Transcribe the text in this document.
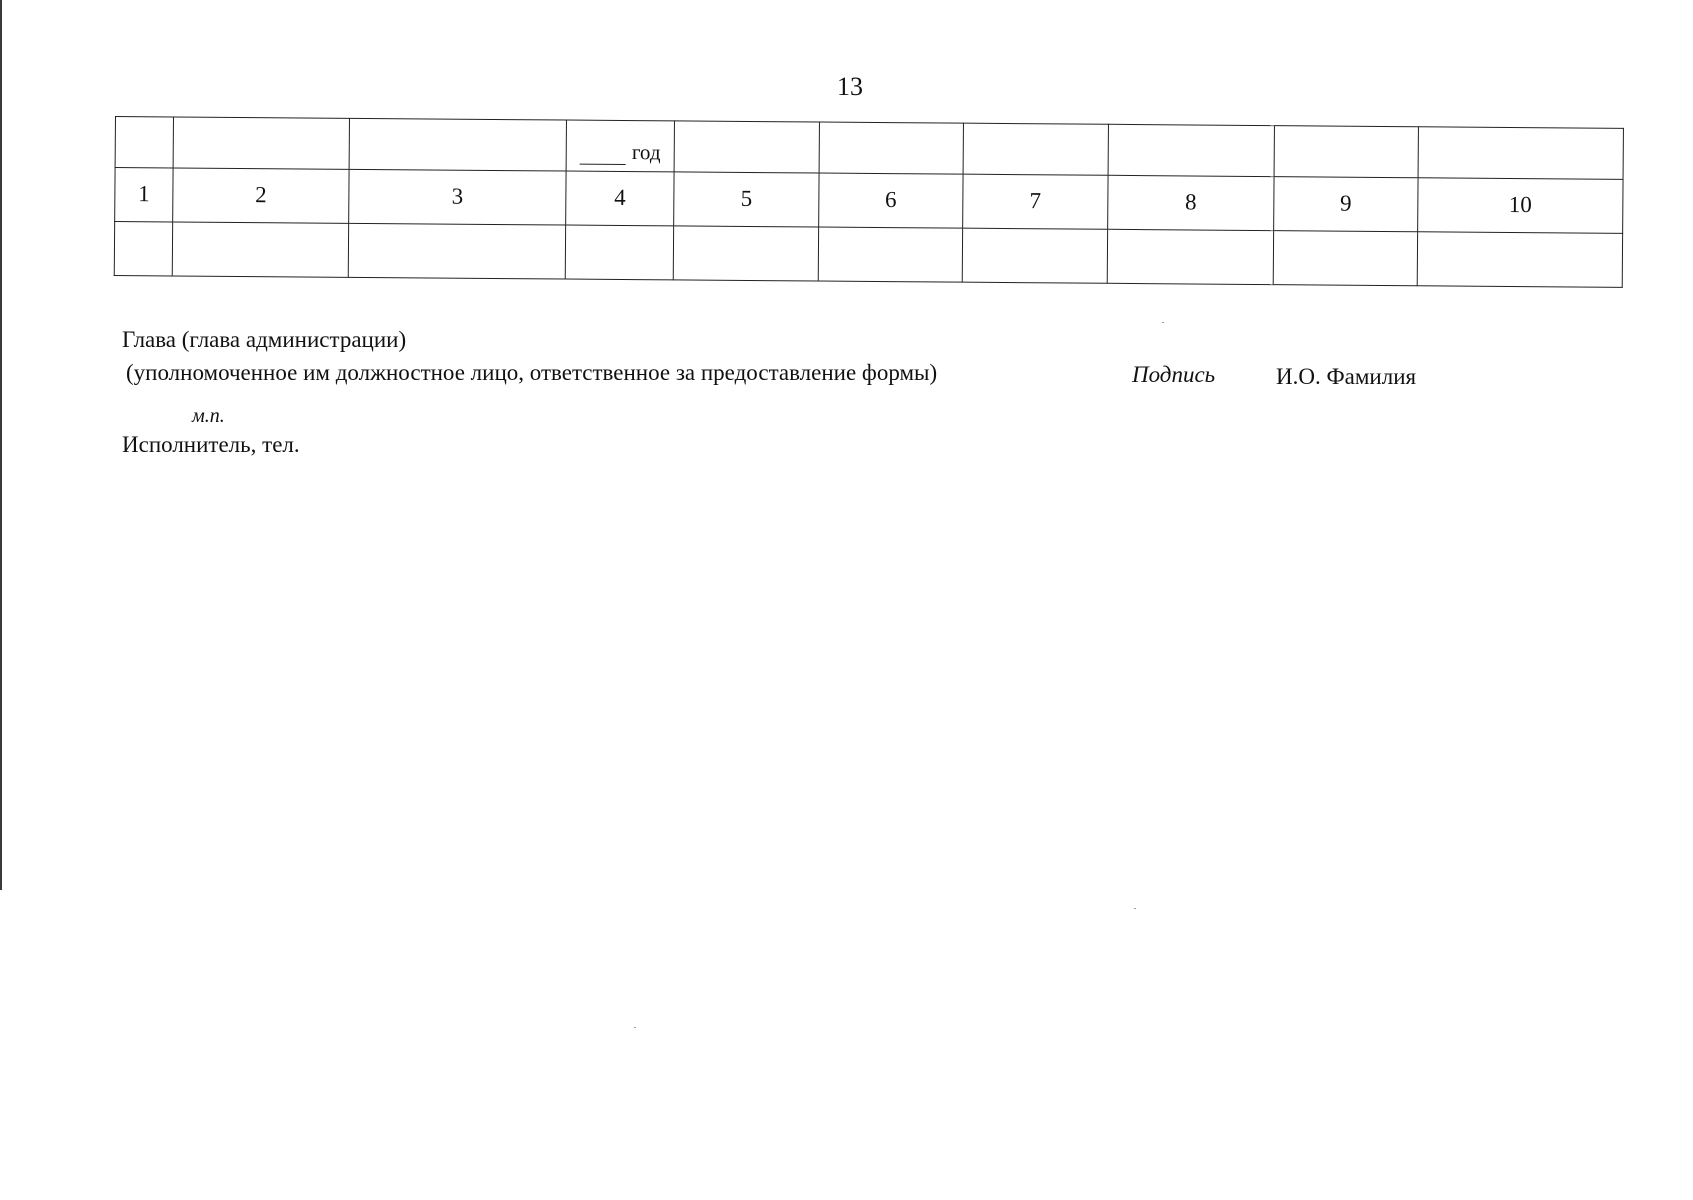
13
			год						
1	2	3	4	5	6	7	8	9	10

Глава (глава администрации)
(уполномоченное им должностное лицо, ответственное за предоставление формы)	Подпись	И.О. Фамилия
м.п.
Исполнитель, тел.
